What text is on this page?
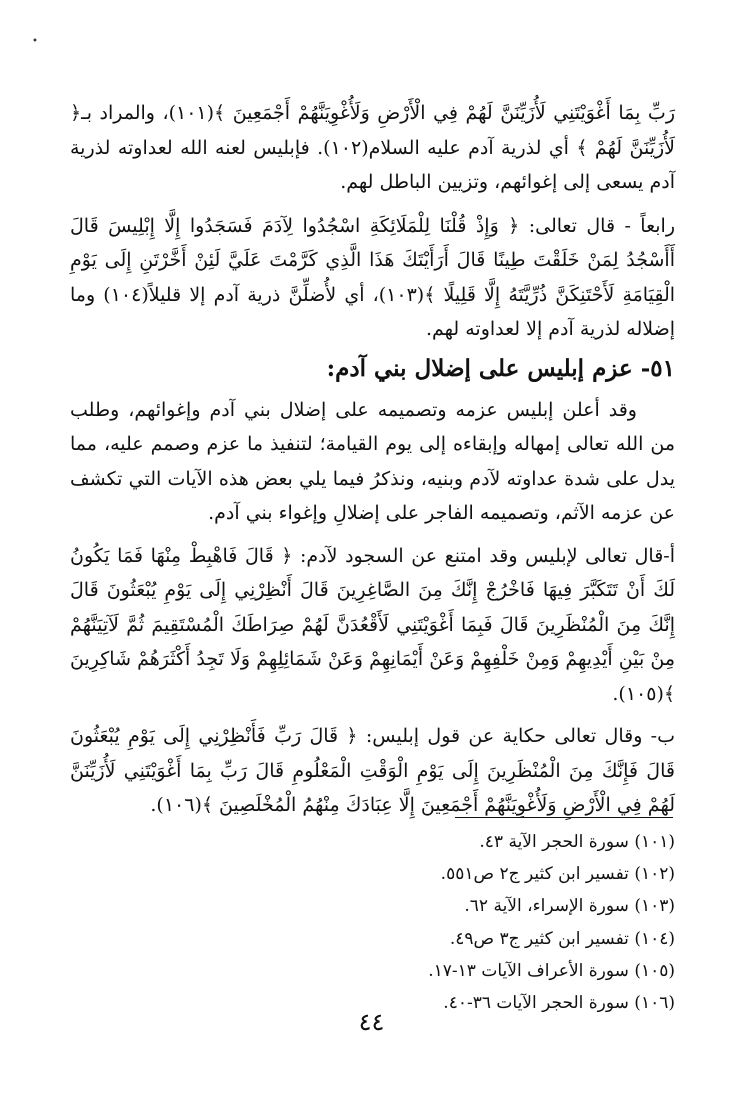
•

رَبِّ بِمَا أَغْوَيْتَنِي لَأُزَيِّنَنَّ لَهُمْ فِي الْأَرْضِ وَلَأُغْوِيَنَّهُمْ أَجْمَعِينَ ﴾(١٠١)، والمراد بـ﴿ لَأُزَيِّنَنَّ لَهُمْ ﴾ أي لذرية آدم عليه السلام(١٠٢). فإبليس لعنه الله لعداوته لذرية آدم يسعى إلى إغوائهم، وتزيين الباطل لهم.

رابعاً - قال تعالى: ﴿ وَإِذْ قُلْنَا لِلْمَلَائِكَةِ اسْجُدُوا لِآدَمَ فَسَجَدُوا إِلَّا إِبْلِيسَ قَالَ أَأَسْجُدُ لِمَنْ خَلَقْتَ طِينًا قَالَ أَرَأَيْتَكَ هَذَا الَّذِي كَرَّمْتَ عَلَيَّ لَئِنْ أَخَّرْتَنِ إِلَى يَوْمِ الْقِيَامَةِ لَأَحْتَنِكَنَّ ذُرِّيَّتَهُ إِلَّا قَلِيلًا ﴾(١٠٣)، أي لأُضلِّنَّ ذرية آدم إلا قليلاً(١٠٤) وما إضلاله لذرية آدم إلا لعداوته لهم.

٥١- عزم إبليس على إضلال بني آدم:

وقد أعلن إبليس عزمه وتصميمه على إضلال بني آدم وإغوائهم، وطلب من الله تعالى إمهاله وإبقاءه إلى يوم القيامة؛ لتنفيذ ما عزم وصمم عليه، مما يدل على شدة عداوته لآدم وبنيه، ونذكرُ فيما يلي بعض هذه الآيات التي تكشف عن عزمه الآثم، وتصميمه الفاجر على إضلالِ وإغواء بني آدم.

أ-قال تعالى لإبليس وقد امتنع عن السجود لآدم: ﴿ قَالَ فَاهْبِطْ مِنْهَا فَمَا يَكُونُ لَكَ أَنْ تَتَكَبَّرَ فِيهَا فَاخْرُجْ إِنَّكَ مِنَ الصَّاغِرِينَ قَالَ أَنْظِرْنِي إِلَى يَوْمِ يُبْعَثُونَ قَالَ إِنَّكَ مِنَ الْمُنْظَرِينَ قَالَ فَبِمَا أَغْوَيْتَنِي لَأَقْعُدَنَّ لَهُمْ صِرَاطَكَ الْمُسْتَقِيمَ ثُمَّ لَآتِيَنَّهُمْ مِنْ بَيْنِ أَيْدِيهِمْ وَمِنْ خَلْفِهِمْ وَعَنْ أَيْمَانِهِمْ وَعَنْ شَمَائِلِهِمْ وَلَا تَجِدُ أَكْثَرَهُمْ شَاكِرِينَ ﴾(١٠٥).

ب- وقال تعالى حكاية عن قول إبليس: ﴿ قَالَ رَبِّ فَأَنْظِرْنِي إِلَى يَوْمِ يُبْعَثُونَ قَالَ فَإِنَّكَ مِنَ الْمُنْظَرِينَ إِلَى يَوْمِ الْوَقْتِ الْمَعْلُومِ قَالَ رَبِّ بِمَا أَغْوَيْتَنِي لَأُزَيِّنَنَّ لَهُمْ فِي الْأَرْضِ وَلَأُغْوِيَنَّهُمْ أَجْمَعِينَ إِلَّا عِبَادَكَ مِنْهُمُ الْمُخْلَصِينَ ﴾(١٠٦).

(١٠١) سورة الحجر الآية ٤٣.
(١٠٢) تفسير ابن كثير ج٢ ص٥٥١.
(١٠٣) سورة الإسراء، الآية ٦٢.
(١٠٤) تفسير ابن كثير ج٣ ص٤٩.
(١٠٥) سورة الأعراف الآيات ١٣-١٧.
(١٠٦) سورة الحجر الآيات ٣٦-٤٠.
٤٤
